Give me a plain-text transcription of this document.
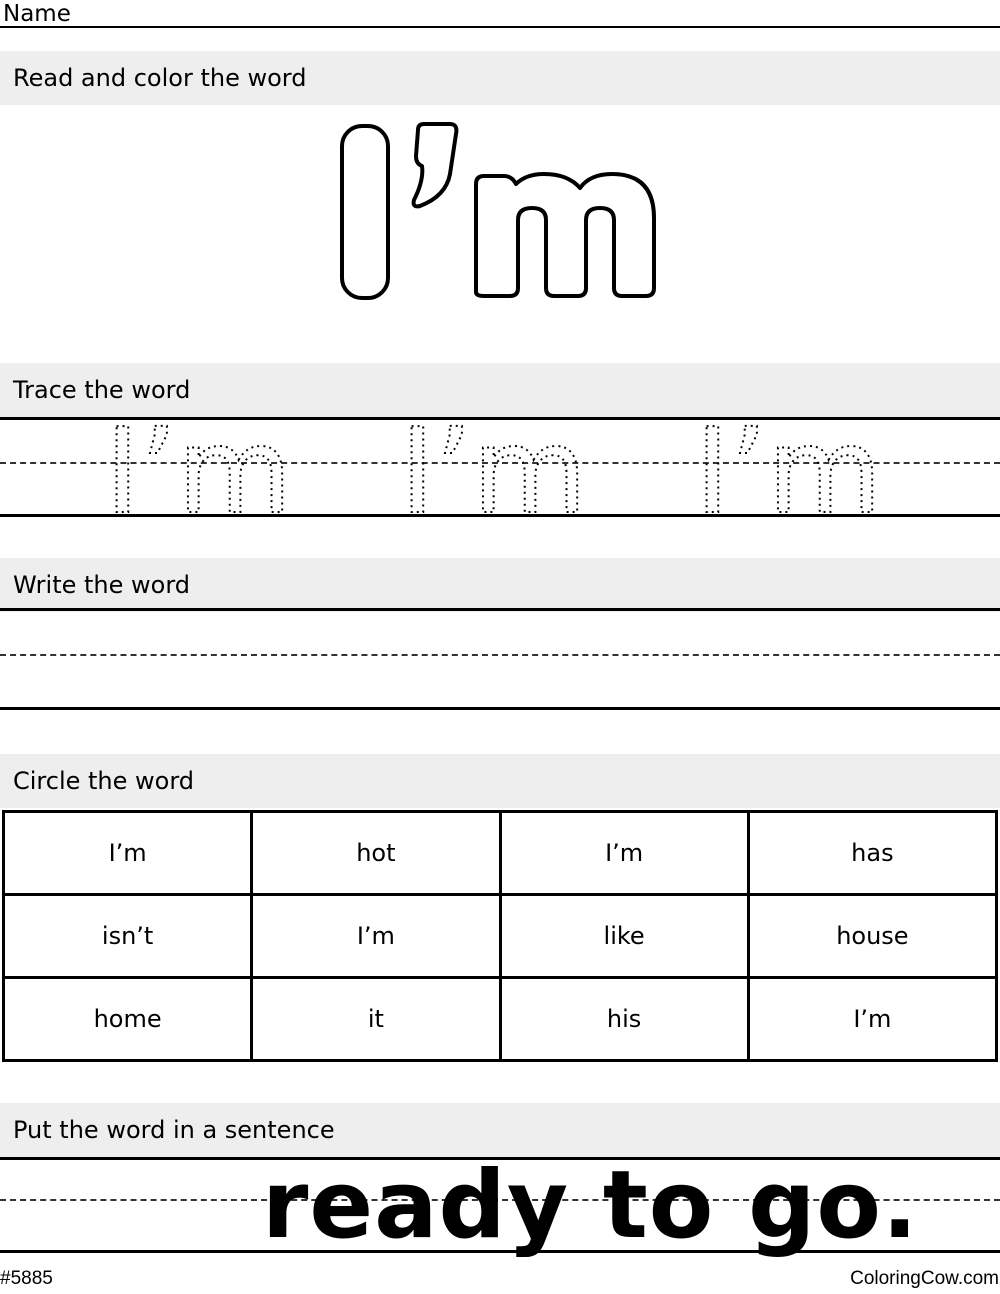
Name
Read and color the word
Trace the word
I’m I’m I’m
Write the word
Circle the word
I’m	hot	I’m	has
isn’t	I’m	like	house
home	it	his	I’m
Put the word in a sentence
ready to go.
#5885	ColoringCow.com
